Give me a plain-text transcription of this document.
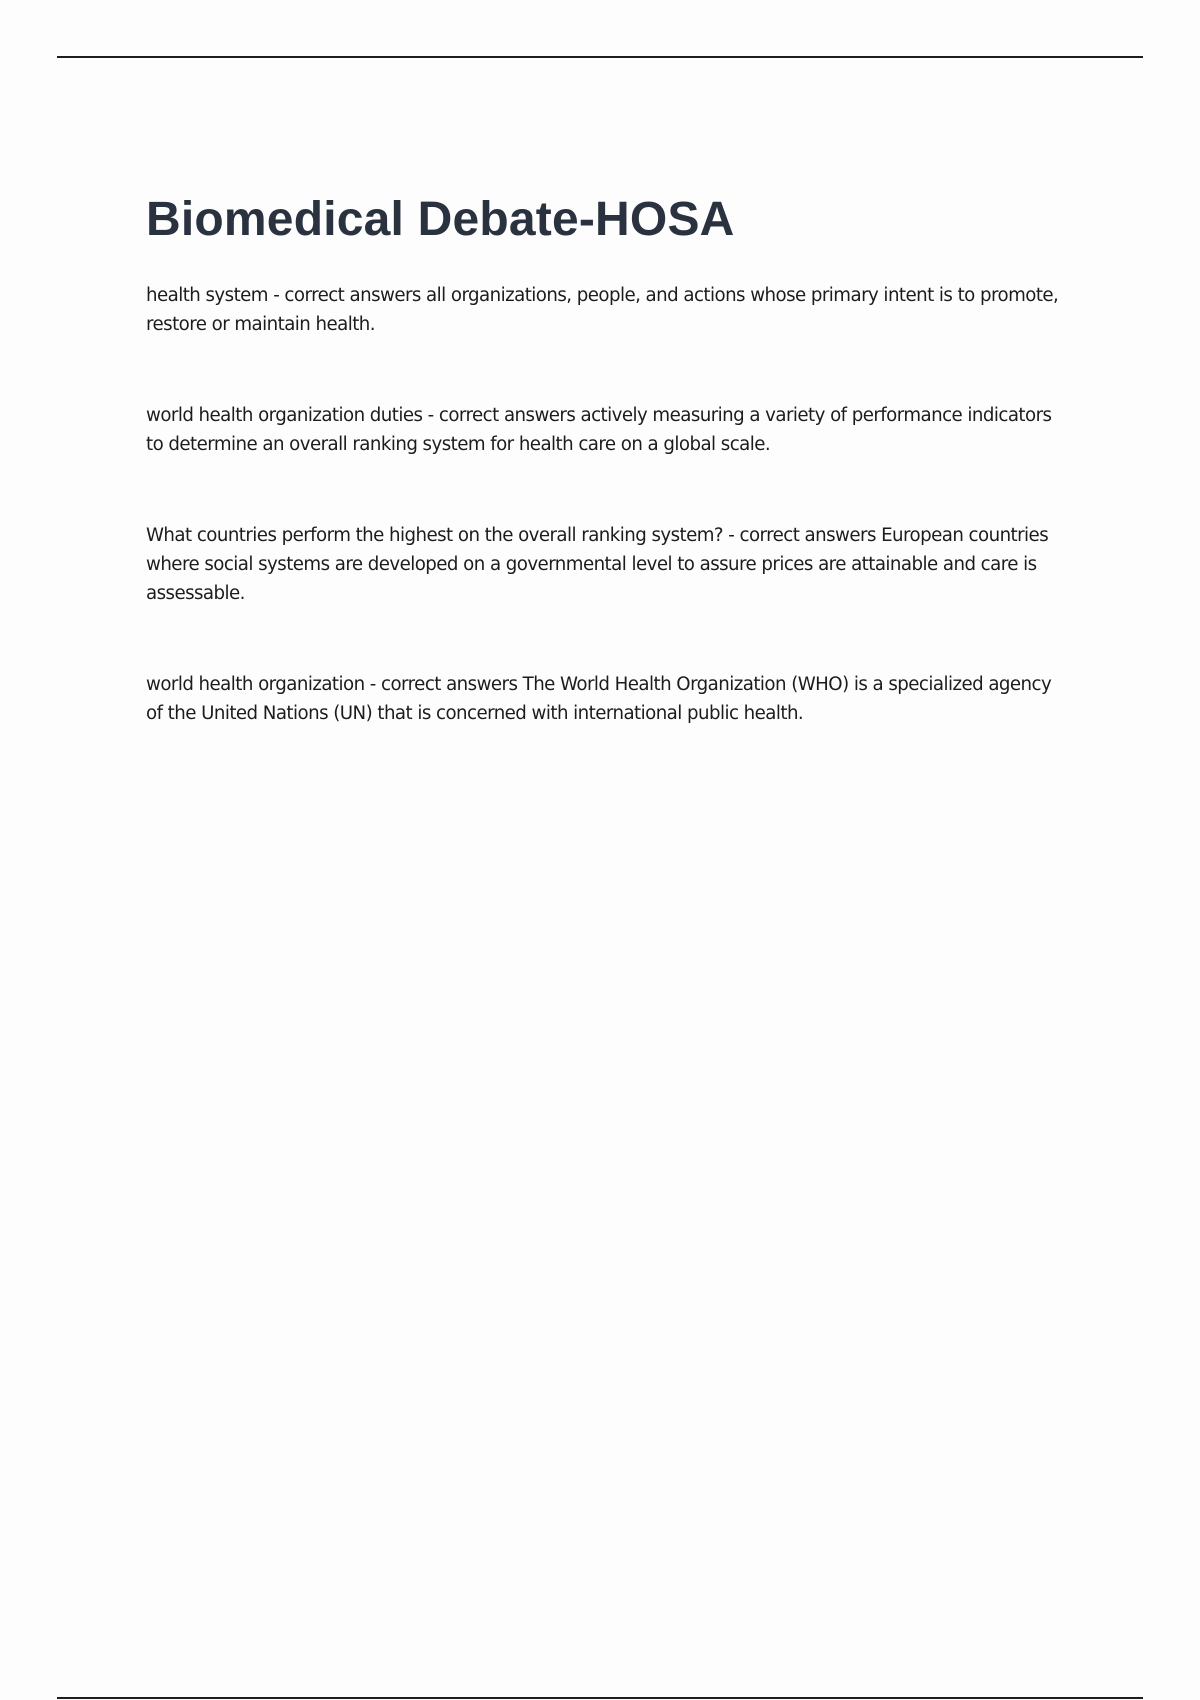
Biomedical Debate-HOSA

health system - correct answers all organizations, people, and actions whose primary intent is to promote, restore or maintain health.

world health organization duties - correct answers actively measuring a variety of performance indicators to determine an overall ranking system for health care on a global scale.

What countries perform the highest on the overall ranking system? - correct answers European countries where social systems are developed on a governmental level to assure prices are attainable and care is assessable.

world health organization - correct answers The World Health Organization (WHO) is a specialized agency of the United Nations (UN) that is concerned with international public health.
